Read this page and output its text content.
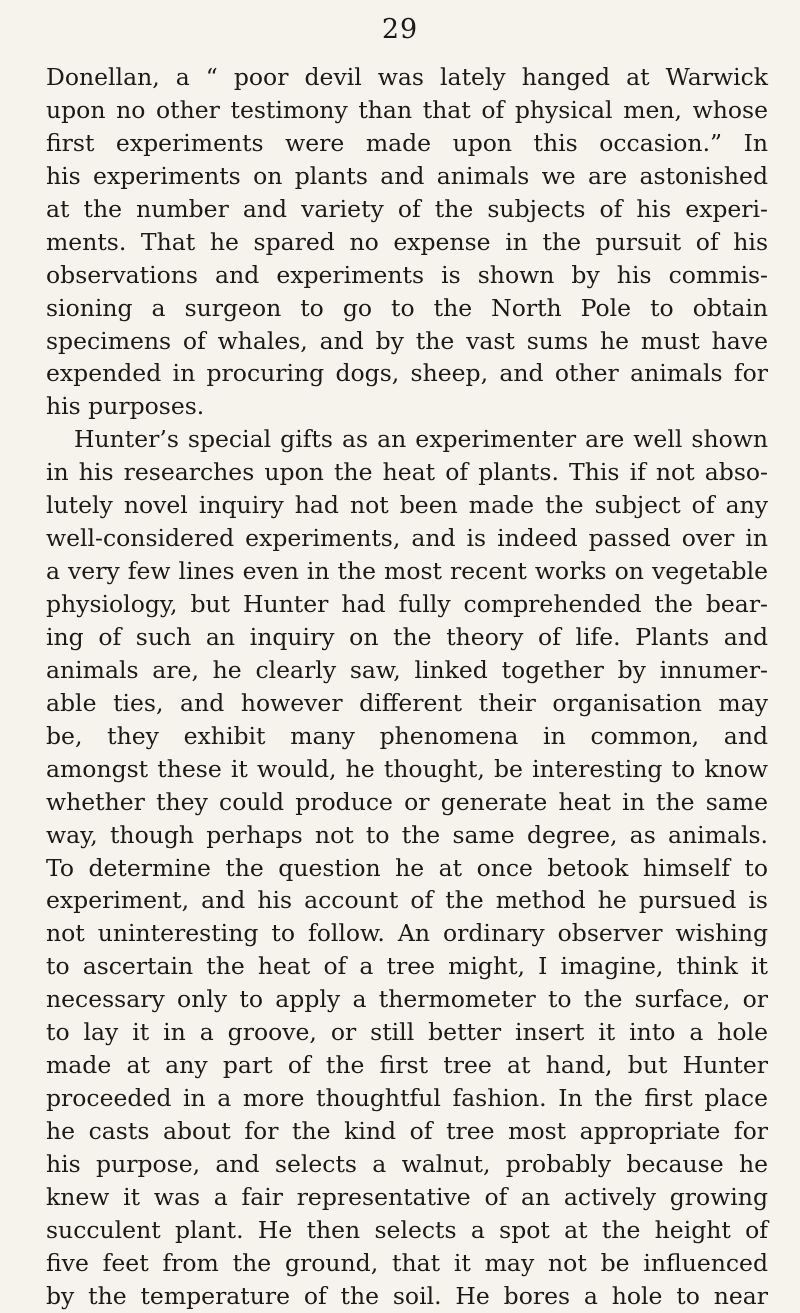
29
Donellan, a “ poor devil was lately hanged at Warwick
upon no other testimony than that of physical men, whose
first experiments were made upon this occasion.” In
his experiments on plants and animals we are astonished
at the number and variety of the subjects of his experi-
ments. That he spared no expense in the pursuit of his
observations and experiments is shown by his commis-
sioning a surgeon to go to the North Pole to obtain
specimens of whales, and by the vast sums he must have
expended in procuring dogs, sheep, and other animals for
his purposes.
Hunter’s special gifts as an experimenter are well shown
in his researches upon the heat of plants. This if not abso-
lutely novel inquiry had not been made the subject of any
well-considered experiments, and is indeed passed over in
a very few lines even in the most recent works on vegetable
physiology, but Hunter had fully comprehended the bear-
ing of such an inquiry on the theory of life. Plants and
animals are, he clearly saw, linked together by innumer-
able ties, and however different their organisation may
be, they exhibit many phenomena in common, and
amongst these it would, he thought, be interesting to know
whether they could produce or generate heat in the same
way, though perhaps not to the same degree, as animals.
To determine the question he at once betook himself to
experiment, and his account of the method he pursued is
not uninteresting to follow. An ordinary observer wishing
to ascertain the heat of a tree might, I imagine, think it
necessary only to apply a thermometer to the surface, or
to lay it in a groove, or still better insert it into a hole
made at any part of the first tree at hand, but Hunter
proceeded in a more thoughtful fashion. In the first place
he casts about for the kind of tree most appropriate for
his purpose, and selects a walnut, probably because he
knew it was a fair representative of an actively growing
succulent plant. He then selects a spot at the height of
five feet from the ground, that it may not be influenced
by the temperature of the soil. He bores a hole to near
